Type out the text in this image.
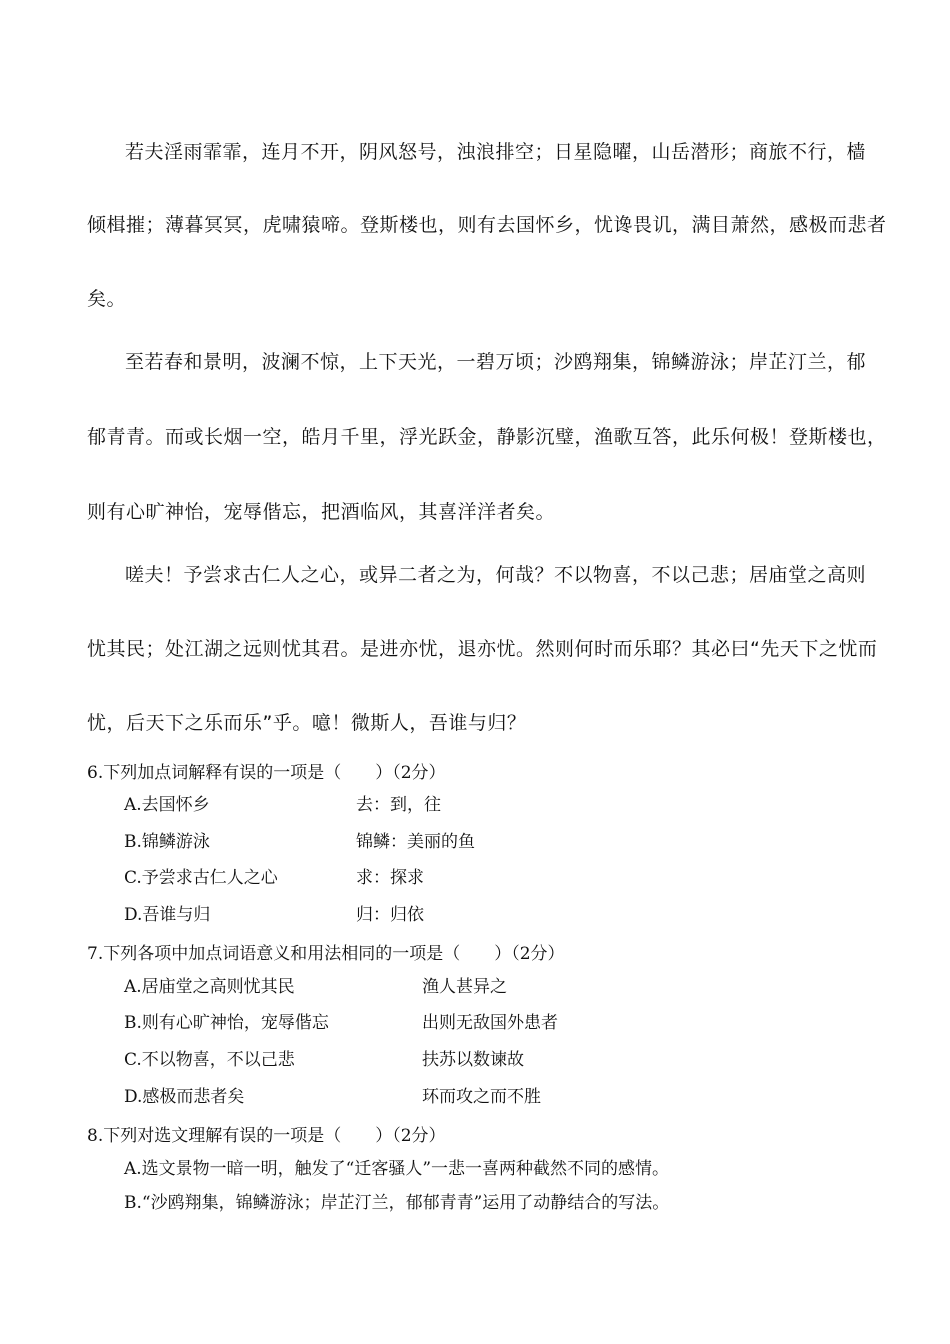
若夫淫雨霏霏，连月不开，阴风怒号，浊浪排空；日星隐曜，山岳潜形；商旅不行，樯
倾楫摧；薄暮冥冥，虎啸猿啼。登斯楼也，则有去国怀乡，忧谗畏讥，满目萧然，感极而悲者
矣。
至若春和景明，波澜不惊，上下天光，一碧万顷；沙鸥翔集，锦鳞游泳；岸芷汀兰，郁
郁青青。而或长烟一空，皓月千里，浮光跃金，静影沉璧，渔歌互答，此乐何极！登斯楼也，
则有心旷神怡，宠辱偕忘，把酒临风，其喜洋洋者矣。
嗟夫！予尝求古仁人之心，或异二者之为，何哉？不以物喜，不以己悲；居庙堂之高则
忧其民；处江湖之远则忧其君。是进亦忧，退亦忧。然则何时而乐耶？其必曰“先天下之忧而
忧，后天下之乐而乐”乎。噫！微斯人，吾谁与归？
6.下列加点词解释有误的一项是（　　）（2分）
A.去国怀乡	去：到，往
B.锦鳞游泳	锦鳞：美丽的鱼
C.予尝求古仁人之心	求：探求
D.吾谁与归	归：归依
7.下列各项中加点词语意义和用法相同的一项是（　　）（2分）
A.居庙堂之高则忧其民	渔人甚异之
B.则有心旷神怡，宠辱偕忘	出则无敌国外患者
C.不以物喜，不以己悲	扶苏以数谏故
D.感极而悲者矣	环而攻之而不胜
8.下列对选文理解有误的一项是（　　）（2分）
A.选文景物一暗一明，触发了“迁客骚人”一悲一喜两种截然不同的感情。
B.“沙鸥翔集，锦鳞游泳；岸芷汀兰，郁郁青青”运用了动静结合的写法。
